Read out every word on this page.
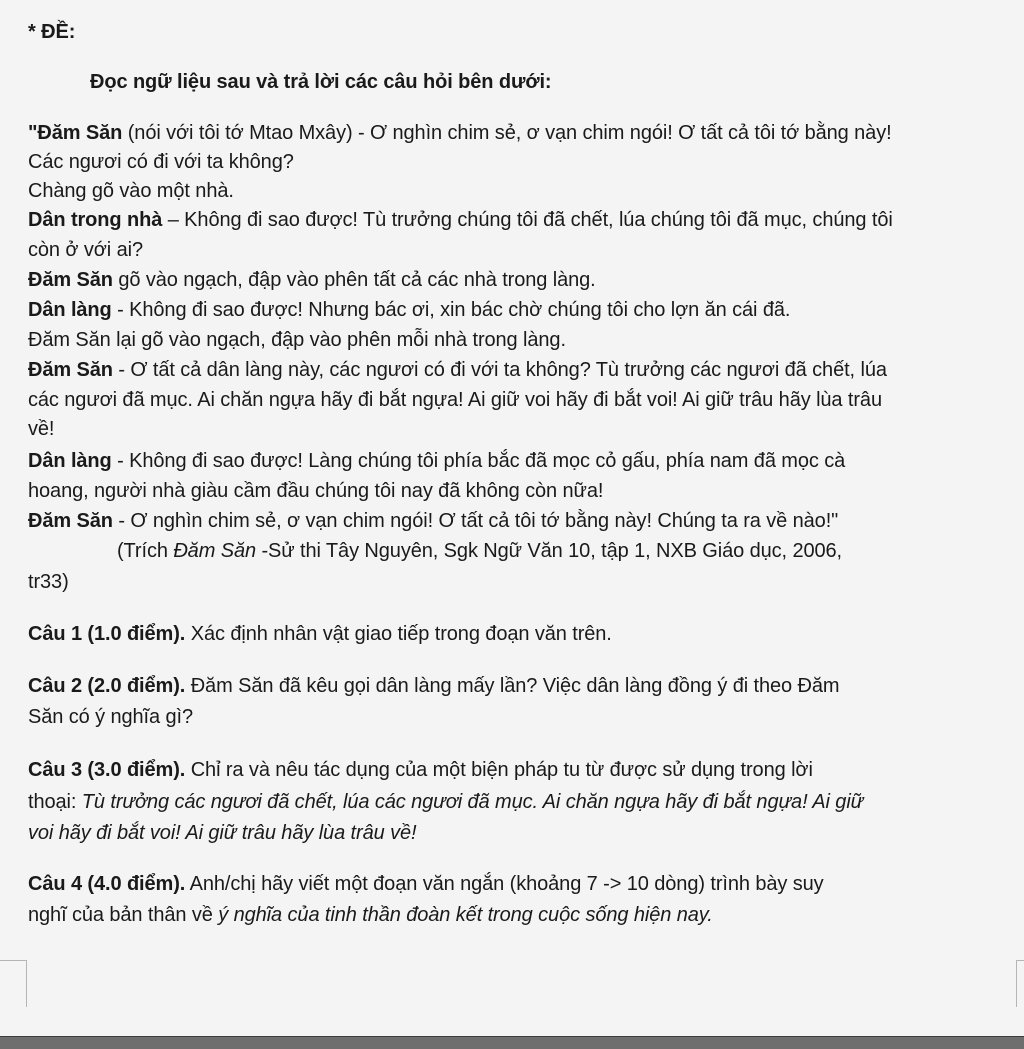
* ĐỀ:
Đọc ngữ liệu sau và trả lời các câu hỏi bên dưới:
"Đăm Săn (nói với tôi tớ Mtao Mxây) - Ơ nghìn chim sẻ, ơ vạn chim ngói! Ơ tất cả tôi tớ bằng này!
Các ngươi có đi với ta không?
Chàng gõ vào một nhà.
Dân trong nhà – Không đi sao được! Tù trưởng chúng tôi đã chết, lúa chúng tôi đã mục, chúng tôi
còn ở với ai?
Đăm Săn gõ vào ngạch, đập vào phên tất cả các nhà trong làng.
Dân làng - Không đi sao được! Nhưng bác ơi, xin bác chờ chúng tôi cho lợn ăn cái đã.
Đăm Săn lại gõ vào ngạch, đập vào phên mỗi nhà trong làng.
Đăm Săn - Ơ tất cả dân làng này, các ngươi có đi với ta không? Tù trưởng các ngươi đã chết, lúa
các ngươi đã mục. Ai chăn ngựa hãy đi bắt ngựa! Ai giữ voi hãy đi bắt voi! Ai giữ trâu hãy lùa trâu
về!
Dân làng - Không đi sao được! Làng chúng tôi phía bắc đã mọc cỏ gấu, phía nam đã mọc cà
hoang, người nhà giàu cầm đầu chúng tôi nay đã không còn nữa!
Đăm Săn - Ơ nghìn chim sẻ, ơ vạn chim ngói! Ơ tất cả tôi tớ bằng này! Chúng ta ra về nào!"
(Trích Đăm Săn -Sử thi Tây Nguyên, Sgk Ngữ Văn 10, tập 1, NXB Giáo dục, 2006,
tr33)
Câu 1 (1.0 điểm). Xác định nhân vật giao tiếp trong đoạn văn trên.
Câu 2 (2.0 điểm). Đăm Săn đã kêu gọi dân làng mấy lần? Việc dân làng đồng ý đi theo Đăm
Săn có ý nghĩa gì?
Câu 3 (3.0 điểm). Chỉ ra và nêu tác dụng của một biện pháp tu từ được sử dụng trong lời
thoại: Tù trưởng các ngươi đã chết, lúa các ngươi đã mục. Ai chăn ngựa hãy đi bắt ngựa! Ai giữ
voi hãy đi bắt voi! Ai giữ trâu hãy lùa trâu về!
Câu 4 (4.0 điểm). Anh/chị hãy viết một đoạn văn ngắn (khoảng 7 -> 10 dòng) trình bày suy
nghĩ của bản thân về ý nghĩa của tinh thần đoàn kết trong cuộc sống hiện nay.
